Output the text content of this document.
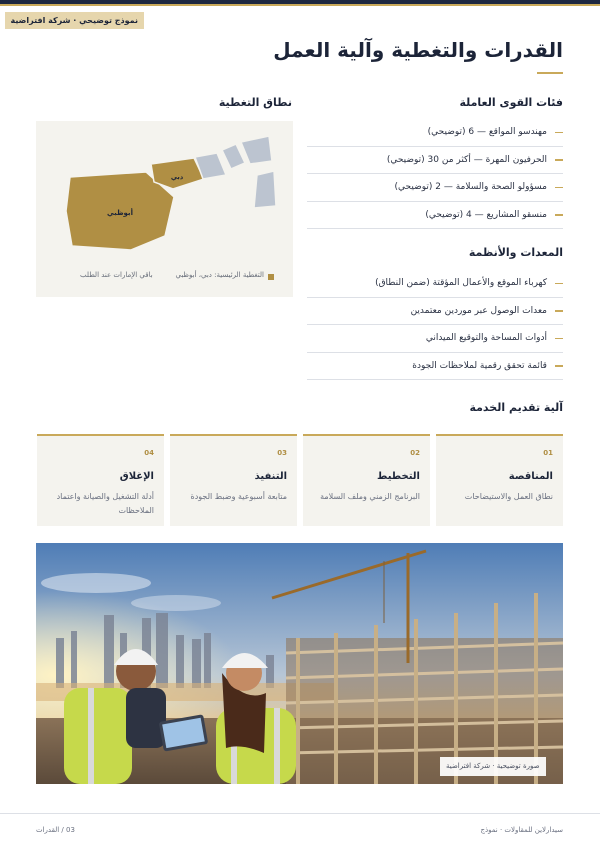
نموذج توضيحي · شركة افتراضية
القدرات والتغطية وآلية العمل
فئات القوى العاملة
مهندسو المواقع — 6 (توضيحي)
الحرفيون المهرة — أكثر من 30 (توضيحي)
مسؤولو الصحة والسلامة — 2 (توضيحي)
منسقو المشاريع — 4 (توضيحي)
المعدات والأنظمة
كهرباء الموقع والأعمال المؤقتة (ضمن النطاق)
معدات الوصول عبر موردين معتمدين
أدوات المساحة والتوقيع الميداني
قائمة تحقق رقمية لملاحظات الجودة
نطاق التغطية
أبوظبي
دبي
التغطية الرئيسية: دبي، أبوظبي
باقي الإمارات عند الطلب
آلية تقديم الخدمة
01
المناقصة
نطاق العمل والاستيضاحات
02
التخطيط
البرنامج الزمني وملف السلامة
03
التنفيذ
متابعة أسبوعية وضبط الجودة
04
الإغلاق
أدلة التشغيل والصيانة واعتماد الملاحظات
صورة توضيحية · شركة افتراضية
سيدارلاين للمقاولات · نموذج
03 / القدرات
